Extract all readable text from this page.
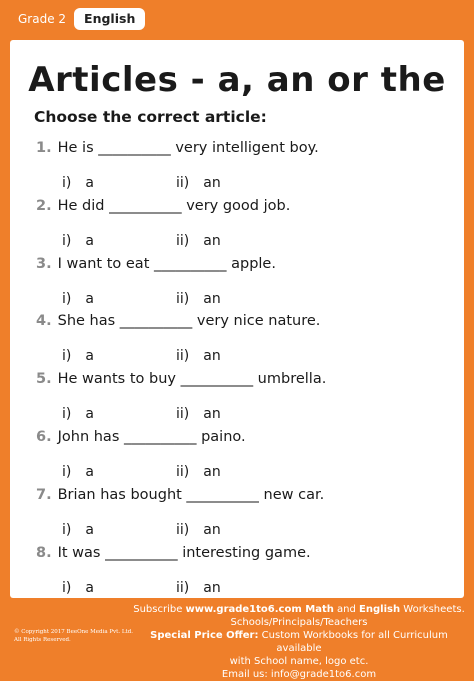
Grade 2	English
Articles - a, an or the
Choose the correct article:
1. He is __________ very intelligent boy.
i) a	ii) an
2. He did __________ very good job.
i) a	ii) an
3. I want to eat __________ apple.
i) a	ii) an
4. She has __________ very nice nature.
i) a	ii) an
5. He wants to buy __________ umbrella.
i) a	ii) an
6. John has __________ paino.
i) a	ii) an
7. Brian has bought __________ new car.
i) a	ii) an
8. It was __________ interesting game.
i) a	ii) an
© Copyright 2017 BeeOne Media Pvt. Ltd.
All Rights Reserved.
Subscribe www.grade1to6.com Math and English Worksheets.
Schools/Principals/Teachers
Special Price Offer: Custom Workbooks for all Curriculum available
with School name, logo etc.
Email us: info@grade1to6.com
